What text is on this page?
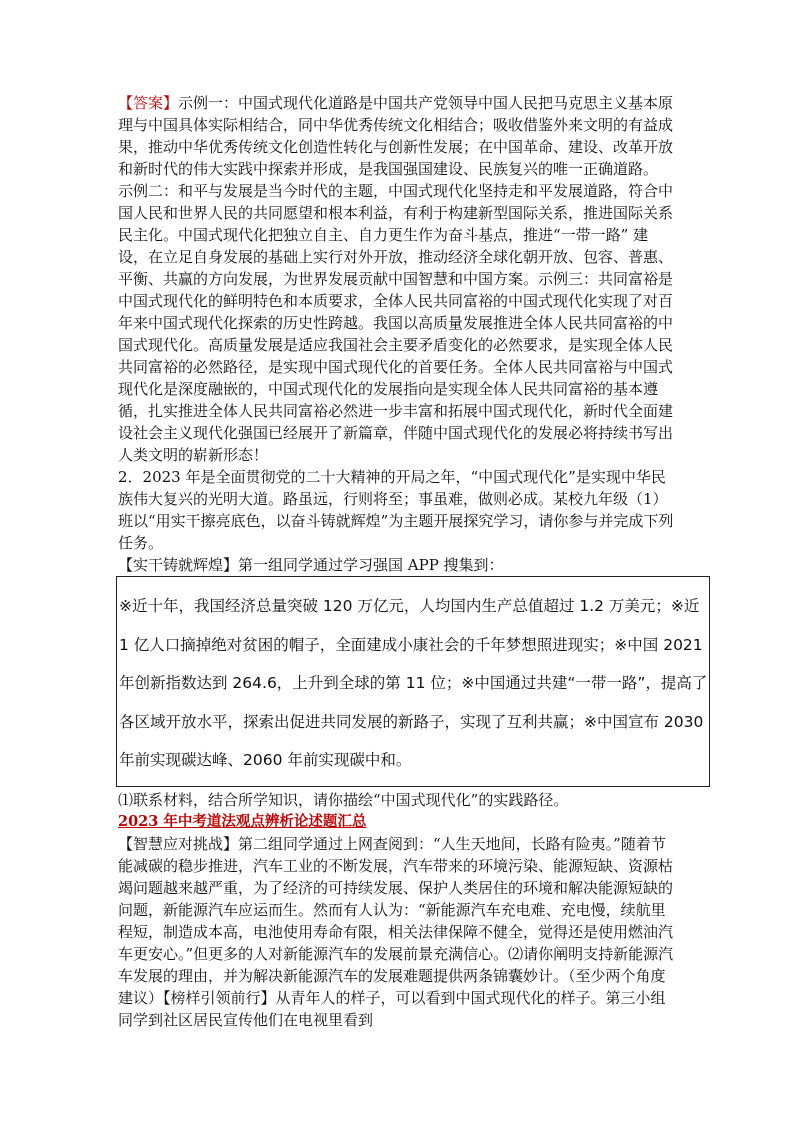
【答案】示例一：中国式现代化道路是中国共产党领导中国人民把马克思主义基本原理与中国具体实际相结合，同中华优秀传统文化相结合；吸收借鉴外来文明的有益成果，推动中华优秀传统文化创造性转化与创新性发展；在中国革命、建设、改革开放和新时代的伟大实践中探索并形成，是我国强国建设、民族复兴的唯一正确道路。　示例二：和平与发展是当今时代的主题，中国式现代化坚持走和平发展道路，符合中国人民和世界人民的共同愿望和根本利益，有利于构建新型国际关系，推进国际关系民主化。中国式现代化把独立自主、自力更生作为奋斗基点，推进“一带一路” 建设，在立足自身发展的基础上实行对外开放，推动经济全球化朝开放、包容、普惠、平衡、共赢的方向发展，为世界发展贡献中国智慧和中国方案。示例三：共同富裕是中国式现代化的鲜明特色和本质要求，全体人民共同富裕的中国式现代化实现了对百年来中国式现代化探索的历史性跨越。我国以高质量发展推进全体人民共同富裕的中国式现代化。高质量发展是适应我国社会主要矛盾变化的必然要求，是实现全体人民共同富裕的必然路径，是实现中国式现代化的首要任务。全体人民共同富裕与中国式现代化是深度融嵌的，中国式现代化的发展指向是实现全体人民共同富裕的基本遵循，扎实推进全体人民共同富裕必然进一步丰富和拓展中国式现代化，新时代全面建设社会主义现代化强国已经展开了新篇章，伴随中国式现代化的发展必将持续书写出人类文明的崭新形态！

2．2023 年是全面贯彻党的二十大精神的开局之年，“中国式现代化”是实现中华民族伟大复兴的光明大道。路虽远，行则将至；事虽难，做则必成。某校九年级（1）班以“用实干擦亮底色，以奋斗铸就辉煌”为主题开展探究学习，请你参与并完成下列任务。

【实干铸就辉煌】第一组同学通过学习强国 APP 搜集到：

※近十年，我国经济总量突破 120 万亿元，人均国内生产总值超过 1.2 万美元；※近 1 亿人口摘掉绝对贫困的帽子，全面建成小康社会的千年梦想照进现实；※中国 2021 年创新指数达到 264.6，上升到全球的第 11 位；※中国通过共建“一带一路”，提高了各区域开放水平，探索出促进共同发展的新路子，实现了互利共赢；※中国宣布 2030 年前实现碳达峰、2060 年前实现碳中和。

⑴联系材料，结合所学知识，请你描绘“中国式现代化”的实践路径。

2023 年中考道法观点辨析论述题汇总

【智慧应对挑战】第二组同学通过上网查阅到：“人生天地间，长路有险夷。”随着节能减碳的稳步推进，汽车工业的不断发展，汽车带来的环境污染、能源短缺、资源枯竭问题越来越严重，为了经济的可持续发展、保护人类居住的环境和解决能源短缺的问题，新能源汽车应运而生。然而有人认为：“新能源汽车充电难、充电慢，续航里程短，制造成本高，电池使用寿命有限，相关法律保障不健全，觉得还是使用燃油汽车更安心。”但更多的人对新能源汽车的发展前景充满信心。⑵请你阐明支持新能源汽车发展的理由，并为解决新能源汽车的发展难题提供两条锦囊妙计。（至少两个角度建议）【榜样引领前行】从青年人的样子，可以看到中国式现代化的样子。第三小组同学到社区居民宣传他们在电视里看到
